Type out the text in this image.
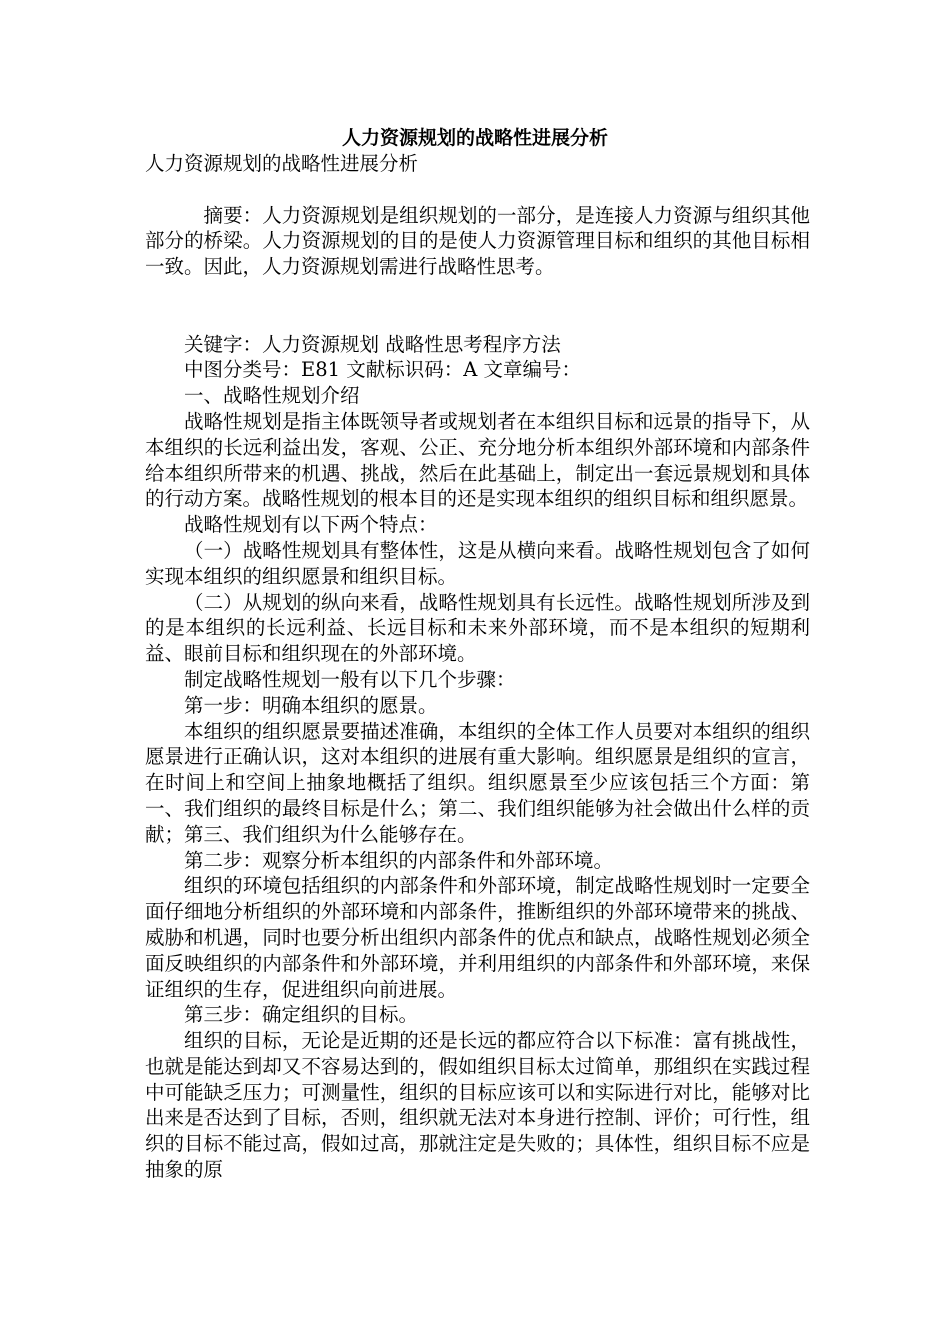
人力资源规划的战略性进展分析

人力资源规划的战略性进展分析

摘要：人力资源规划是组织规划的一部分，是连接人力资源与组织其他部分的桥梁。人力资源规划的目的是使人力资源管理目标和组织的其他目标相一致。因此，人力资源规划需进行战略性思考。

关键字：人力资源规划 战略性思考程序方法

中图分类号：E81 文献标识码：A 文章编号：

一、战略性规划介绍

战略性规划是指主体既领导者或规划者在本组织目标和远景的指导下，从本组织的长远利益出发，客观、公正、充分地分析本组织外部环境和内部条件给本组织所带来的机遇、挑战，然后在此基础上，制定出一套远景规划和具体的行动方案。战略性规划的根本目的还是实现本组织的组织目标和组织愿景。

战略性规划有以下两个特点：

（一）战略性规划具有整体性，这是从横向来看。战略性规划包含了如何实现本组织的组织愿景和组织目标。

（二）从规划的纵向来看，战略性规划具有长远性。战略性规划所涉及到的是本组织的长远利益、长远目标和未来外部环境，而不是本组织的短期利益、眼前目标和组织现在的外部环境。

制定战略性规划一般有以下几个步骤：

第一步：明确本组织的愿景。

本组织的组织愿景要描述准确，本组织的全体工作人员要对本组织的组织愿景进行正确认识，这对本组织的进展有重大影响。组织愿景是组织的宣言，在时间上和空间上抽象地概括了组织。组织愿景至少应该包括三个方面：第一、我们组织的最终目标是什么；第二、我们组织能够为社会做出什么样的贡献；第三、我们组织为什么能够存在。

第二步：观察分析本组织的内部条件和外部环境。

组织的环境包括组织的内部条件和外部环境，制定战略性规划时一定要全面仔细地分析组织的外部环境和内部条件，推断组织的外部环境带来的挑战、威胁和机遇，同时也要分析出组织内部条件的优点和缺点，战略性规划必须全面反映组织的内部条件和外部环境，并利用组织的内部条件和外部环境，来保证组织的生存，促进组织向前进展。

第三步：确定组织的目标。

组织的目标，无论是近期的还是长远的都应符合以下标准：富有挑战性，也就是能达到却又不容易达到的，假如组织目标太过简单，那组织在实践过程中可能缺乏压力；可测量性，组织的目标应该可以和实际进行对比，能够对比出来是否达到了目标，否则，组织就无法对本身进行控制、评价；可行性，组织的目标不能过高，假如过高，那就注定是失败的；具体性，组织目标不应是抽象的原
